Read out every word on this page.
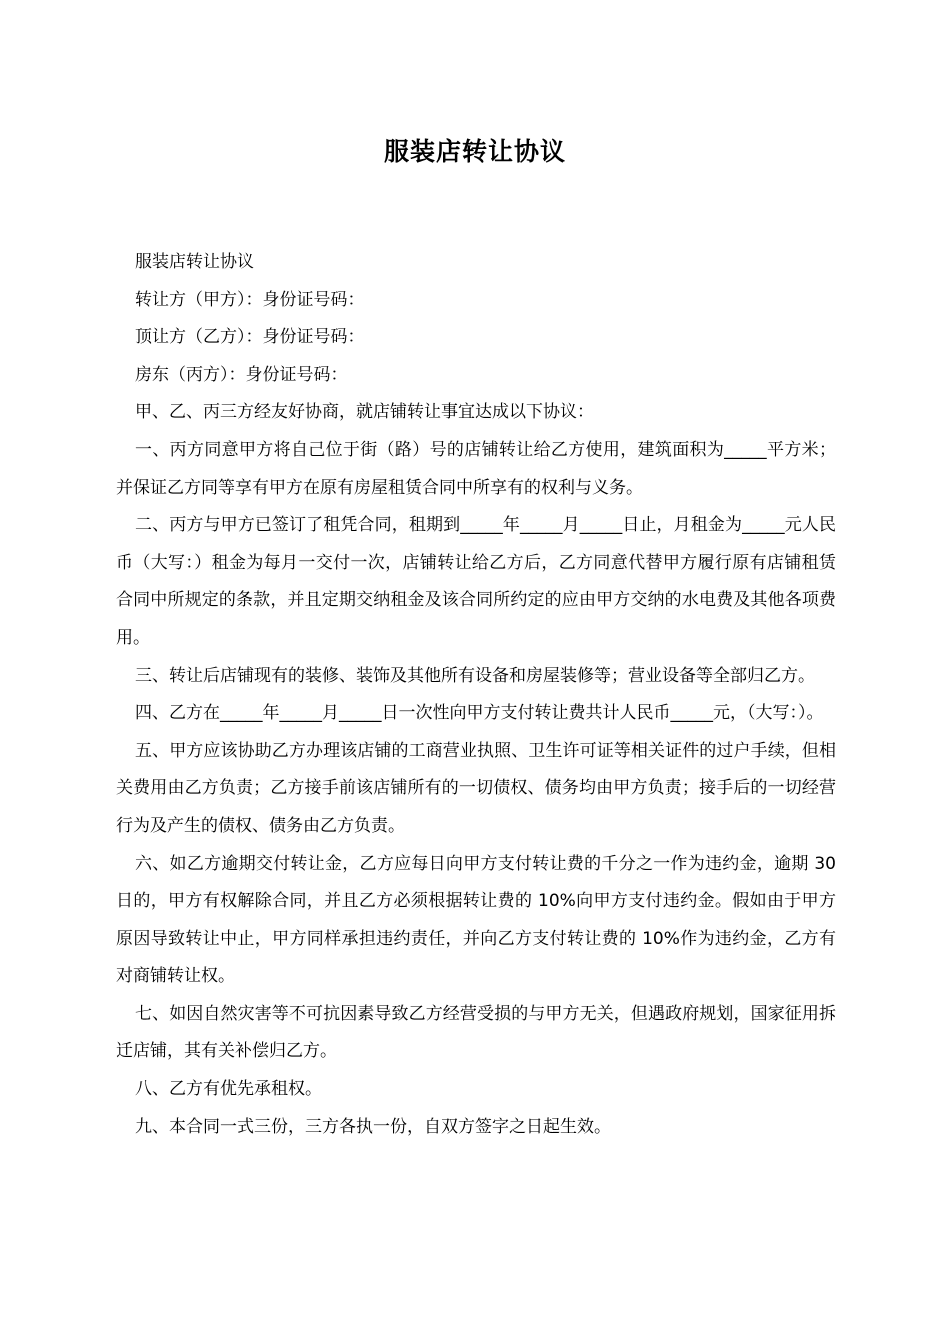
服装店转让协议

服装店转让协议

转让方（甲方）：身份证号码：

顶让方（乙方）：身份证号码：

房东（丙方）：身份证号码：

甲、乙、丙三方经友好协商，就店铺转让事宜达成以下协议：

一、丙方同意甲方将自己位于街（路）号的店铺转让给乙方使用，建筑面积为_____平方米；并保证乙方同等享有甲方在原有房屋租赁合同中所享有的权利与义务。

二、丙方与甲方已签订了租凭合同，租期到_____年_____月_____日止，月租金为_____元人民币（大写：）租金为每月一交付一次，店铺转让给乙方后，乙方同意代替甲方履行原有店铺租赁合同中所规定的条款，并且定期交纳租金及该合同所约定的应由甲方交纳的水电费及其他各项费用。

三、转让后店铺现有的装修、装饰及其他所有设备和房屋装修等；营业设备等全部归乙方。

四、乙方在_____年_____月_____日一次性向甲方支付转让费共计人民币_____元，（大写：）。

五、甲方应该协助乙方办理该店铺的工商营业执照、卫生许可证等相关证件的过户手续，但相关费用由乙方负责；乙方接手前该店铺所有的一切债权、债务均由甲方负责；接手后的一切经营行为及产生的债权、债务由乙方负责。

六、如乙方逾期交付转让金，乙方应每日向甲方支付转让费的千分之一作为违约金，逾期 30 日的，甲方有权解除合同，并且乙方必须根据转让费的 10%向甲方支付违约金。假如由于甲方原因导致转让中止，甲方同样承担违约责任，并向乙方支付转让费的 10%作为违约金，乙方有对商铺转让权。

七、如因自然灾害等不可抗因素导致乙方经营受损的与甲方无关，但遇政府规划，国家征用拆迁店铺，其有关补偿归乙方。

八、乙方有优先承租权。

九、本合同一式三份，三方各执一份，自双方签字之日起生效。
